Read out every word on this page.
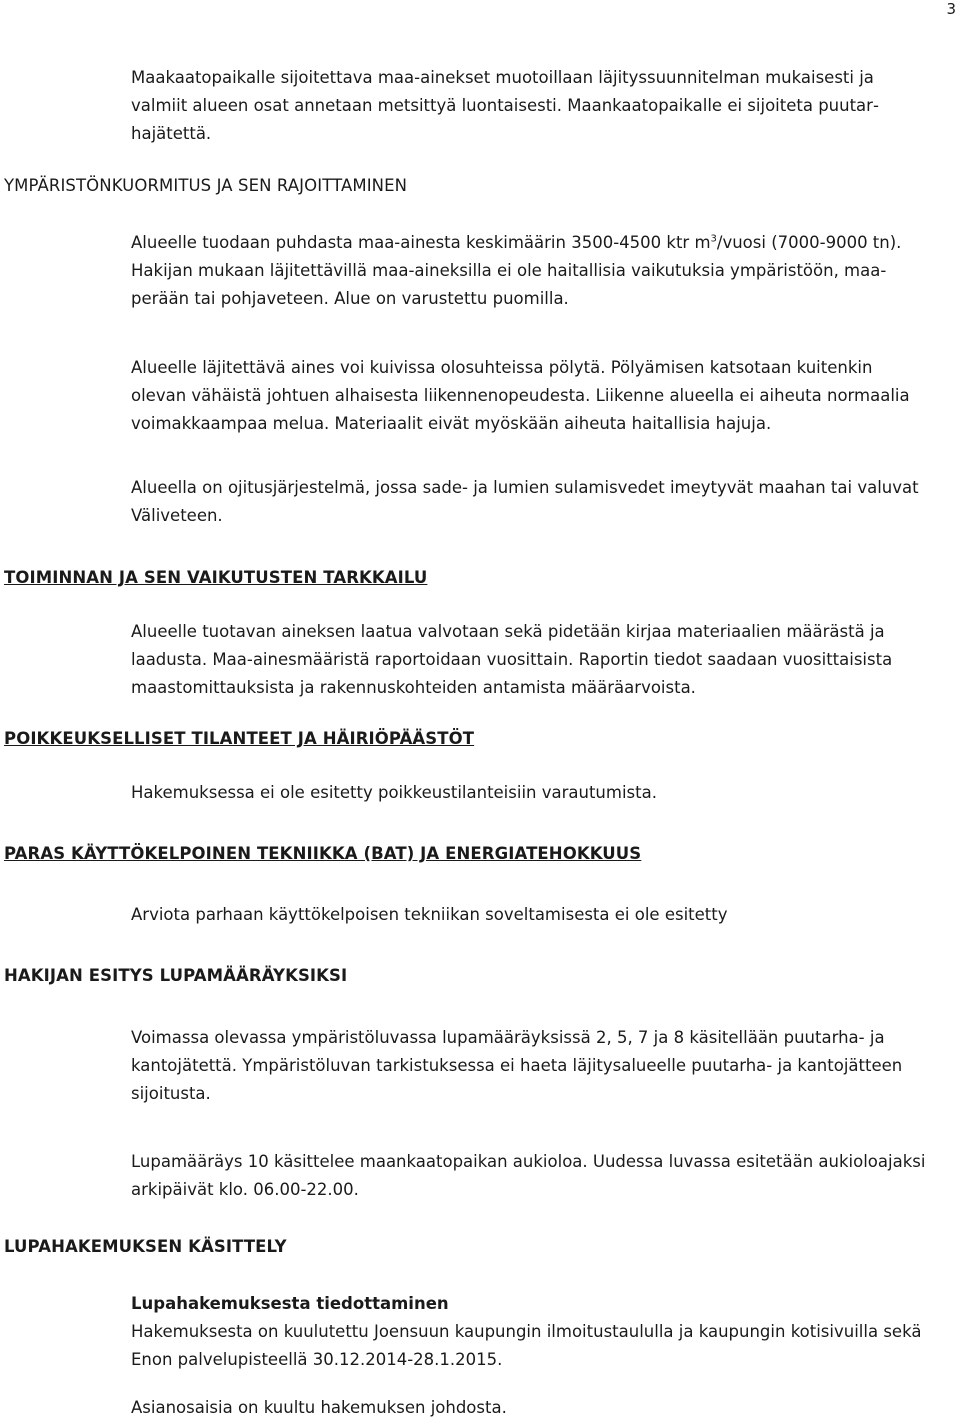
3

Maakaatopaikalle sijoitettava maa-ainekset muotoillaan läjityssuunnitelman mukaisesti ja valmiit alueen osat annetaan metsittyä luontaisesti. Maankaatopaikalle ei sijoiteta puutarhajätettä.

YMPÄRISTÖNKUORMITUS JA SEN RAJOITTAMINEN

Alueelle tuodaan puhdasta maa-ainesta keskimäärin 3500-4500 ktr $m^3$/vuosi (7000-9000 tn). Hakijan mukaan läjitettävillä maa-aineksilla ei ole haitallisia vaikutuksia ympäristöön, maaperään tai pohjaveteen. Alue on varustettu puomilla.

Alueelle läjitettävä aines voi kuivissa olosuhteissa pölytä. Pölyämisen katsotaan kuitenkin olevan vähäistä johtuen alhaisesta liikennenopeudesta. Liikenne alueella ei aiheuta normaalia voimakkaampaa melua. Materiaalit eivät myöskään aiheuta haitallisia hajuja.

Alueella on ojitusjärjestelmä, jossa sade- ja lumien sulamisvedet imeytyvät maahan tai valuvat Väliveteen.

TOIMINNAN JA SEN VAIKUTUSTEN TARKKAILU

Alueelle tuotavan aineksen laatua valvotaan sekä pidetään kirjaa materiaalien määrästä ja laadusta. Maa-ainesmääristä raportoidaan vuosittain. Raportin tiedot saadaan vuosittaisista maastomittauksista ja rakennuskohteiden antamista määräarvoista.

POIKKEUKSELLISET TILANTEET JA HÄIRIÖPÄÄSTÖT

Hakemuksessa ei ole esitetty poikkeustilanteisiin varautumista.

PARAS KÄYTTÖKELPOINEN TEKNIIKKA (BAT) JA ENERGIATEHOKKUUS

Arviota parhaan käyttökelpoisen tekniikan soveltamisesta ei ole esitetty

HAKIJAN ESITYS LUPAMÄÄRÄYKSIKSI

Voimassa olevassa ympäristöluvassa lupamääräyksissä 2, 5, 7 ja 8 käsitellään puutarha- ja kantojätettä. Ympäristöluvan tarkistuksessa ei haeta läjitysalueelle puutarha- ja kantojätteen sijoitusta.

Lupamääräys 10 käsittelee maankaatopaikan aukioloa. Uudessa luvassa esitetään aukioloajaksi arkipäivät klo. 06.00-22.00.

LUPAHAKEMUKSEN KÄSITTELY

Lupahakemuksesta tiedottaminen
Hakemuksesta on kuulutettu Joensuun kaupungin ilmoitustaululla ja kaupungin kotisivuilla sekä Enon palvelupisteellä 30.12.2014-28.1.2015.

Asianosaisia on kuultu hakemuksen johdosta.
